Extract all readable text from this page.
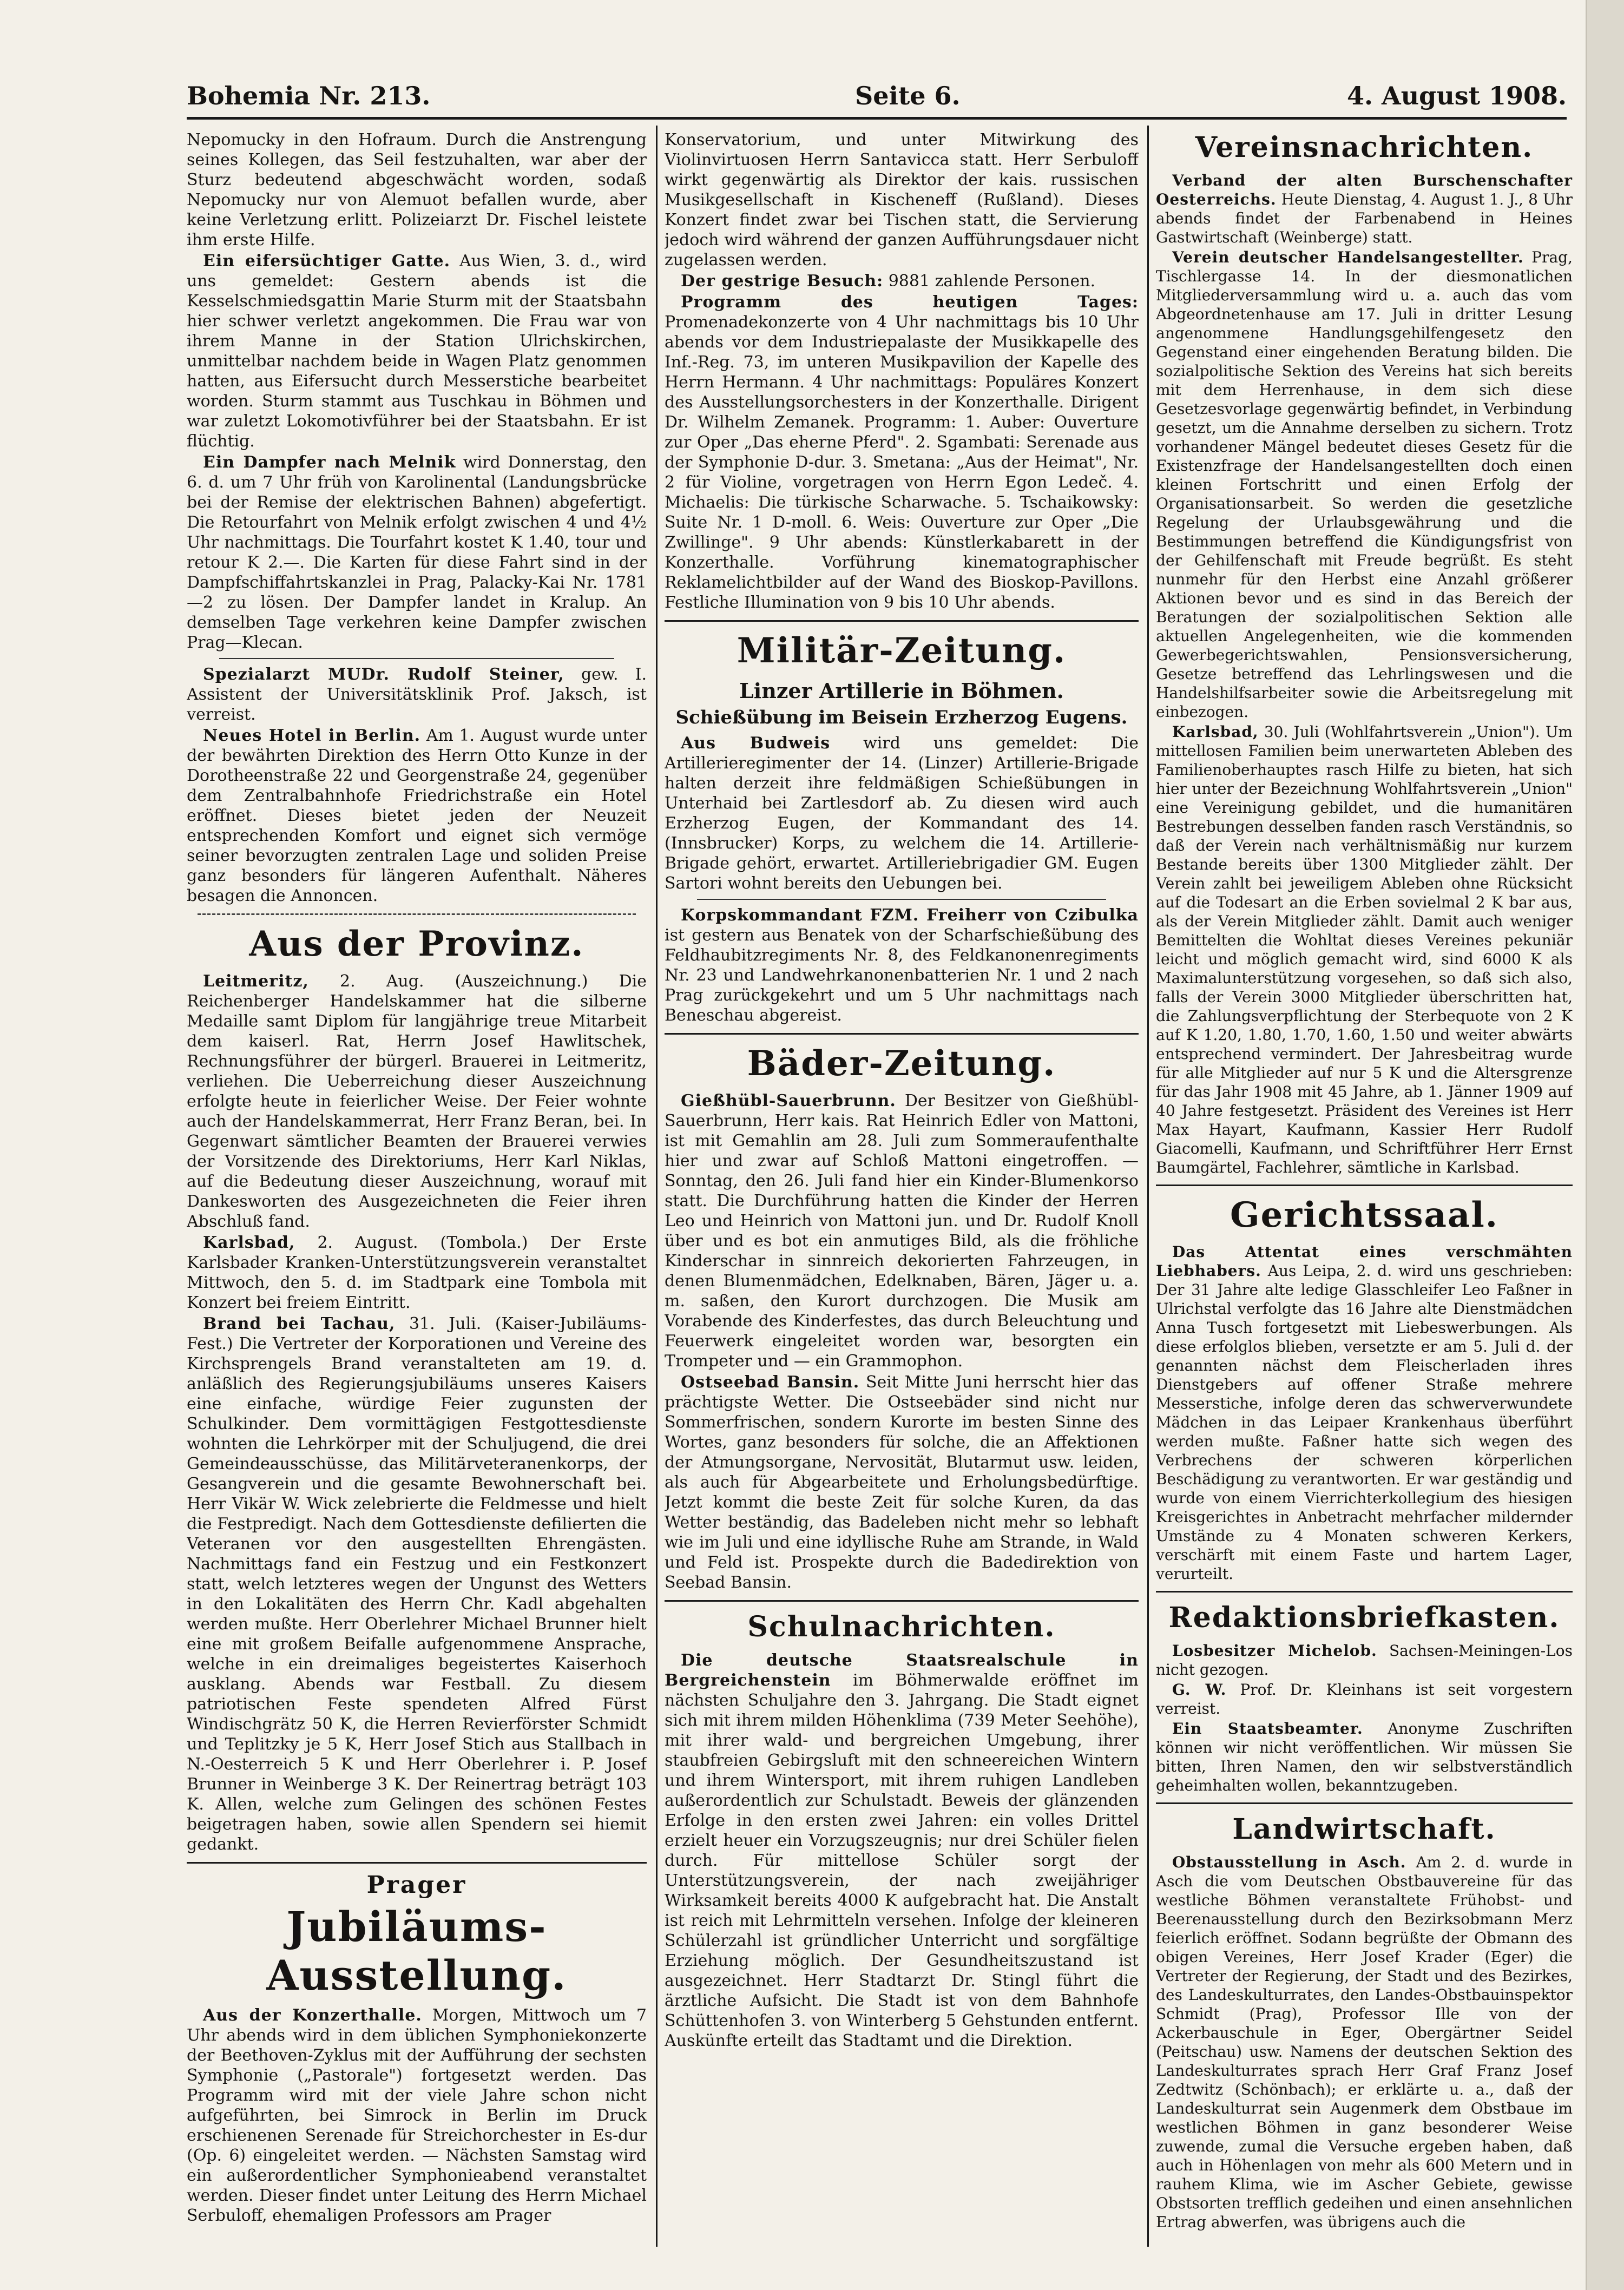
Bohemia Nr. 213.	Seite 6.	4. August 1908.

Nepomucky in den Hofraum. Durch die Anstrengung seines Kollegen, das Seil festzuhalten, war aber der Sturz bedeutend abgeschwächt worden, sodaß Nepomucky nur von Alemuot befallen wurde, aber keine Verletzung erlitt. Polizeiarzt Dr. Fischel leistete ihm erste Hilfe.

Ein eifersüchtiger Gatte. Aus Wien, 3. d., wird uns gemeldet: Gestern abends ist die Kesselschmiedsgattin Marie Sturm mit der Staatsbahn hier schwer verletzt angekommen. Die Frau war von ihrem Manne in der Station Ulrichskirchen, unmittelbar nachdem beide in Wagen Platz genommen hatten, aus Eifersucht durch Messerstiche bearbeitet worden. Sturm stammt aus Tuschkau in Böhmen und war zuletzt Lokomotivführer bei der Staatsbahn. Er ist flüchtig.

Ein Dampfer nach Melnik wird Donnerstag, den 6. d. um 7 Uhr früh von Karolinental (Landungsbrücke bei der Remise der elektrischen Bahnen) abgefertigt. Die Retourfahrt von Melnik erfolgt zwischen 4 und 4½ Uhr nachmittags. Die Tourfahrt kostet K 1.40, tour und retour K 2.—. Die Karten für diese Fahrt sind in der Dampfschiffahrtskanzlei in Prag, Palacky-Kai Nr. 1781—2 zu lösen. Der Dampfer landet in Kralup. An demselben Tage verkehren keine Dampfer zwischen Prag—Klecan.

Spezialarzt MUDr. Rudolf Steiner, gew. I. Assistent der Universitätsklinik Prof. Jaksch, ist verreist.

Neues Hotel in Berlin. Am 1. August wurde unter der bewährten Direktion des Herrn Otto Kunze in der Dorotheenstraße 22 und Georgenstraße 24, gegenüber dem Zentralbahnhofe Friedrichstraße ein Hotel eröffnet. Dieses bietet jeden der Neuzeit entsprechenden Komfort und eignet sich vermöge seiner bevorzugten zentralen Lage und soliden Preise ganz besonders für längeren Aufenthalt. Näheres besagen die Annoncen.

Aus der Provinz.

Leitmeritz, 2. Aug. (Auszeichnung.) Die Reichenberger Handelskammer hat die silberne Medaille samt Diplom für langjährige treue Mitarbeit dem kaiserl. Rat, Herrn Josef Hawlitschek, Rechnungsführer der bürgerl. Brauerei in Leitmeritz, verliehen. Die Ueberreichung dieser Auszeichnung erfolgte heute in feierlicher Weise. Der Feier wohnte auch der Handelskammerrat, Herr Franz Beran, bei. In Gegenwart sämtlicher Beamten der Brauerei verwies der Vorsitzende des Direktoriums, Herr Karl Niklas, auf die Bedeutung dieser Auszeichnung, worauf mit Dankesworten des Ausgezeichneten die Feier ihren Abschluß fand.

Karlsbad, 2. August. (Tombola.) Der Erste Karlsbader Kranken-Unterstützungsverein veranstaltet Mittwoch, den 5. d. im Stadtpark eine Tombola mit Konzert bei freiem Eintritt.

Brand bei Tachau, 31. Juli. (Kaiser-Jubiläums-Fest.) Die Vertreter der Korporationen und Vereine des Kirchsprengels Brand veranstalteten am 19. d. anläßlich des Regierungsjubiläums unseres Kaisers eine einfache, würdige Feier zugunsten der Schulkinder. Dem vormittägigen Festgottesdienste wohnten die Lehrkörper mit der Schuljugend, die drei Gemeindeausschüsse, das Militärveteranenkorps, der Gesangverein und die gesamte Bewohnerschaft bei. Herr Vikär W. Wick zelebrierte die Feldmesse und hielt die Festpredigt. Nach dem Gottesdienste defilierten die Veteranen vor den ausgestellten Ehrengästen. Nachmittags fand ein Festzug und ein Festkonzert statt, welch letzteres wegen der Ungunst des Wetters in den Lokalitäten des Herrn Chr. Kadl abgehalten werden mußte. Herr Oberlehrer Michael Brunner hielt eine mit großem Beifalle aufgenommene Ansprache, welche in ein dreimaliges begeistertes Kaiserhoch ausklang. Abends war Festball. Zu diesem patriotischen Feste spendeten Alfred Fürst Windischgrätz 50 K, die Herren Revierförster Schmidt und Teplitzky je 5 K, Herr Josef Stich aus Stallbach in N.-Oesterreich 5 K und Herr Oberlehrer i. P. Josef Brunner in Weinberge 3 K. Der Reinertrag beträgt 103 K. Allen, welche zum Gelingen des schönen Festes beigetragen haben, sowie allen Spendern sei hiemit gedankt.

Prager
Jubiläums-Ausstellung.

Aus der Konzerthalle. Morgen, Mittwoch um 7 Uhr abends wird in dem üblichen Symphoniekonzerte der Beethoven-Zyklus mit der Aufführung der sechsten Symphonie („Pastorale") fortgesetzt werden. Das Programm wird mit der viele Jahre schon nicht aufgeführten, bei Simrock in Berlin im Druck erschienenen Serenade für Streichorchester in Es-dur (Op. 6) eingeleitet werden. — Nächsten Samstag wird ein außerordentlicher Symphonieabend veranstaltet werden. Dieser findet unter Leitung des Herrn Michael Serbuloff, ehemaligen Professors am Prager

Konservatorium, und unter Mitwirkung des Violinvirtuosen Herrn Santavicca statt. Herr Serbuloff wirkt gegenwärtig als Direktor der kais. russischen Musikgesellschaft in Kischeneff (Rußland). Dieses Konzert findet zwar bei Tischen statt, die Servierung jedoch wird während der ganzen Aufführungsdauer nicht zugelassen werden.

Der gestrige Besuch: 9881 zahlende Personen.

Programm des heutigen Tages: Promenadekonzerte von 4 Uhr nachmittags bis 10 Uhr abends vor dem Industriepalaste der Musikkapelle des Inf.-Reg. 73, im unteren Musikpavilion der Kapelle des Herrn Hermann. 4 Uhr nachmittags: Populäres Konzert des Ausstellungsorchesters in der Konzerthalle. Dirigent Dr. Wilhelm Zemanek. Programm: 1. Auber: Ouverture zur Oper „Das eherne Pferd". 2. Sgambati: Serenade aus der Symphonie D-dur. 3. Smetana: „Aus der Heimat", Nr. 2 für Violine, vorgetragen von Herrn Egon Ledeč. 4. Michaelis: Die türkische Scharwache. 5. Tschaikowsky: Suite Nr. 1 D-moll. 6. Weis: Ouverture zur Oper „Die Zwillinge". 9 Uhr abends: Künstlerkabarett in der Konzerthalle. Vorführung kinematographischer Reklamelichtbilder auf der Wand des Bioskop-Pavillons. Festliche Illumination von 9 bis 10 Uhr abends.

Militär-Zeitung.
Linzer Artillerie in Böhmen.
Schießübung im Beisein Erzherzog Eugens.

Aus Budweis wird uns gemeldet: Die Artillerieregimenter der 14. (Linzer) Artillerie-Brigade halten derzeit ihre feldmäßigen Schießübungen in Unterhaid bei Zartlesdorf ab. Zu diesen wird auch Erzherzog Eugen, der Kommandant des 14. (Innsbrucker) Korps, zu welchem die 14. Artillerie-Brigade gehört, erwartet. Artilleriebrigadier GM. Eugen Sartori wohnt bereits den Uebungen bei.

Korpskommandant FZM. Freiherr von Czibulka ist gestern aus Benatek von der Scharfschießübung des Feldhaubitzregiments Nr. 8, des Feldkanonenregiments Nr. 23 und Landwehrkanonenbatterien Nr. 1 und 2 nach Prag zurückgekehrt und um 5 Uhr nachmittags nach Beneschau abgereist.

Bäder-Zeitung.

Gießhübl-Sauerbrunn. Der Besitzer von Gießhübl-Sauerbrunn, Herr kais. Rat Heinrich Edler von Mattoni, ist mit Gemahlin am 28. Juli zum Sommeraufenthalte hier und zwar auf Schloß Mattoni eingetroffen. — Sonntag, den 26. Juli fand hier ein Kinder-Blumenkorso statt. Die Durchführung hatten die Kinder der Herren Leo und Heinrich von Mattoni jun. und Dr. Rudolf Knoll über und es bot ein anmutiges Bild, als die fröhliche Kinderschar in sinnreich dekorierten Fahrzeugen, in denen Blumenmädchen, Edelknaben, Bären, Jäger u. a. m. saßen, den Kurort durchzogen. Die Musik am Vorabende des Kinderfestes, das durch Beleuchtung und Feuerwerk eingeleitet worden war, besorgten ein Trompeter und — ein Grammophon.

Ostseebad Bansin. Seit Mitte Juni herrscht hier das prächtigste Wetter. Die Ostseebäder sind nicht nur Sommerfrischen, sondern Kurorte im besten Sinne des Wortes, ganz besonders für solche, die an Affektionen der Atmungsorgane, Nervosität, Blutarmut usw. leiden, als auch für Abgearbeitete und Erholungsbedürftige. Jetzt kommt die beste Zeit für solche Kuren, da das Wetter beständig, das Badeleben nicht mehr so lebhaft wie im Juli und eine idyllische Ruhe am Strande, in Wald und Feld ist. Prospekte durch die Badedirektion von Seebad Bansin.

Schulnachrichten.

Die deutsche Staatsrealschule in Bergreichenstein im Böhmerwalde eröffnet im nächsten Schuljahre den 3. Jahrgang. Die Stadt eignet sich mit ihrem milden Höhenklima (739 Meter Seehöhe), mit ihrer wald- und bergreichen Umgebung, ihrer staubfreien Gebirgsluft mit den schneereichen Wintern und ihrem Wintersport, mit ihrem ruhigen Landleben außerordentlich zur Schulstadt. Beweis der glänzenden Erfolge in den ersten zwei Jahren: ein volles Drittel erzielt heuer ein Vorzugszeugnis; nur drei Schüler fielen durch. Für mittellose Schüler sorgt der Unterstützungsverein, der nach zweijähriger Wirksamkeit bereits 4000 K aufgebracht hat. Die Anstalt ist reich mit Lehrmitteln versehen. Infolge der kleineren Schülerzahl ist gründlicher Unterricht und sorgfältige Erziehung möglich. Der Gesundheitszustand ist ausgezeichnet. Herr Stadtarzt Dr. Stingl führt die ärztliche Aufsicht. Die Stadt ist von dem Bahnhofe Schüttenhofen 3. von Winterberg 5 Gehstunden entfernt. Auskünfte erteilt das Stadtamt und die Direktion.

Vereinsnachrichten.

Verband der alten Burschenschafter Oesterreichs. Heute Dienstag, 4. August 1. J., 8 Uhr abends findet der Farbenabend in Heines Gastwirtschaft (Weinberge) statt.

Verein deutscher Handelsangestellter. Prag, Tischlergasse 14. In der diesmonatlichen Mitgliederversammlung wird u. a. auch das vom Abgeordnetenhause am 17. Juli in dritter Lesung angenommene Handlungsgehilfengesetz den Gegenstand einer eingehenden Beratung bilden. Die sozialpolitische Sektion des Vereins hat sich bereits mit dem Herrenhause, in dem sich diese Gesetzesvorlage gegenwärtig befindet, in Verbindung gesetzt, um die Annahme derselben zu sichern. Trotz vorhandener Mängel bedeutet dieses Gesetz für die Existenzfrage der Handelsangestellten doch einen kleinen Fortschritt und einen Erfolg der Organisationsarbeit. So werden die gesetzliche Regelung der Urlaubsgewährung und die Bestimmungen betreffend die Kündigungsfrist von der Gehilfenschaft mit Freude begrüßt. Es steht nunmehr für den Herbst eine Anzahl größerer Aktionen bevor und es sind in das Bereich der Beratungen der sozialpolitischen Sektion alle aktuellen Angelegenheiten, wie die kommenden Gewerbegerichtswahlen, Pensionsversicherung, Gesetze betreffend das Lehrlingswesen und die Handelshilfsarbeiter sowie die Arbeitsregelung mit einbezogen.

Karlsbad, 30. Juli (Wohlfahrtsverein „Union"). Um mittellosen Familien beim unerwarteten Ableben des Familienoberhauptes rasch Hilfe zu bieten, hat sich hier unter der Bezeichnung Wohlfahrtsverein „Union" eine Vereinigung gebildet, und die humanitären Bestrebungen desselben fanden rasch Verständnis, so daß der Verein nach verhältnismäßig nur kurzem Bestande bereits über 1300 Mitglieder zählt. Der Verein zahlt bei jeweiligem Ableben ohne Rücksicht auf die Todesart an die Erben sovielmal 2 K bar aus, als der Verein Mitglieder zählt. Damit auch weniger Bemittelten die Wohltat dieses Vereines pekuniär leicht und möglich gemacht wird, sind 6000 K als Maximalunterstützung vorgesehen, so daß sich also, falls der Verein 3000 Mitglieder überschritten hat, die Zahlungsverpflichtung der Sterbequote von 2 K auf K 1.20, 1.80, 1.70, 1.60, 1.50 und weiter abwärts entsprechend vermindert. Der Jahresbeitrag wurde für alle Mitglieder auf nur 5 K und die Altersgrenze für das Jahr 1908 mit 45 Jahre, ab 1. Jänner 1909 auf 40 Jahre festgesetzt. Präsident des Vereines ist Herr Max Hayart, Kaufmann, Kassier Herr Rudolf Giacomelli, Kaufmann, und Schriftführer Herr Ernst Baumgärtel, Fachlehrer, sämtliche in Karlsbad.

Gerichtssaal.

Das Attentat eines verschmähten Liebhabers. Aus Leipa, 2. d. wird uns geschrieben: Der 31 Jahre alte ledige Glasschleifer Leo Faßner in Ulrichstal verfolgte das 16 Jahre alte Dienstmädchen Anna Tusch fortgesetzt mit Liebeswerbungen. Als diese erfolglos blieben, versetzte er am 5. Juli d. der genannten nächst dem Fleischerladen ihres Dienstgebers auf offener Straße mehrere Messerstiche, infolge deren das schwerverwundete Mädchen in das Leipaer Krankenhaus überführt werden mußte. Faßner hatte sich wegen des Verbrechens der schweren körperlichen Beschädigung zu verantworten. Er war geständig und wurde von einem Vierrichterkollegium des hiesigen Kreisgerichtes in Anbetracht mehrfacher mildernder Umstände zu 4 Monaten schweren Kerkers, verschärft mit einem Faste und hartem Lager, verurteilt.

Redaktionsbriefkasten.

Losbesitzer Michelob. Sachsen-Meiningen-Los nicht gezogen.

G. W. Prof. Dr. Kleinhans ist seit vorgestern verreist.

Ein Staatsbeamter. Anonyme Zuschriften können wir nicht veröffentlichen. Wir müssen Sie bitten, Ihren Namen, den wir selbstverständlich geheimhalten wollen, bekanntzugeben.

Landwirtschaft.

Obstausstellung in Asch. Am 2. d. wurde in Asch die vom Deutschen Obstbauvereine für das westliche Böhmen veranstaltete Frühobst- und Beerenausstellung durch den Bezirksobmann Merz feierlich eröffnet. Sodann begrüßte der Obmann des obigen Vereines, Herr Josef Krader (Eger) die Vertreter der Regierung, der Stadt und des Bezirkes, des Landeskulturrates, den Landes-Obstbauinspektor Schmidt (Prag), Professor Ille von der Ackerbauschule in Eger, Obergärtner Seidel (Peitschau) usw. Namens der deutschen Sektion des Landeskulturrates sprach Herr Graf Franz Josef Zedtwitz (Schönbach); er erklärte u. a., daß der Landeskulturrat sein Augenmerk dem Obstbaue im westlichen Böhmen in ganz besonderer Weise zuwende, zumal die Versuche ergeben haben, daß auch in Höhenlagen von mehr als 600 Metern und in rauhem Klima, wie im Ascher Gebiete, gewisse Obstsorten trefflich gedeihen und einen ansehnlichen Ertrag abwerfen, was übrigens auch die
